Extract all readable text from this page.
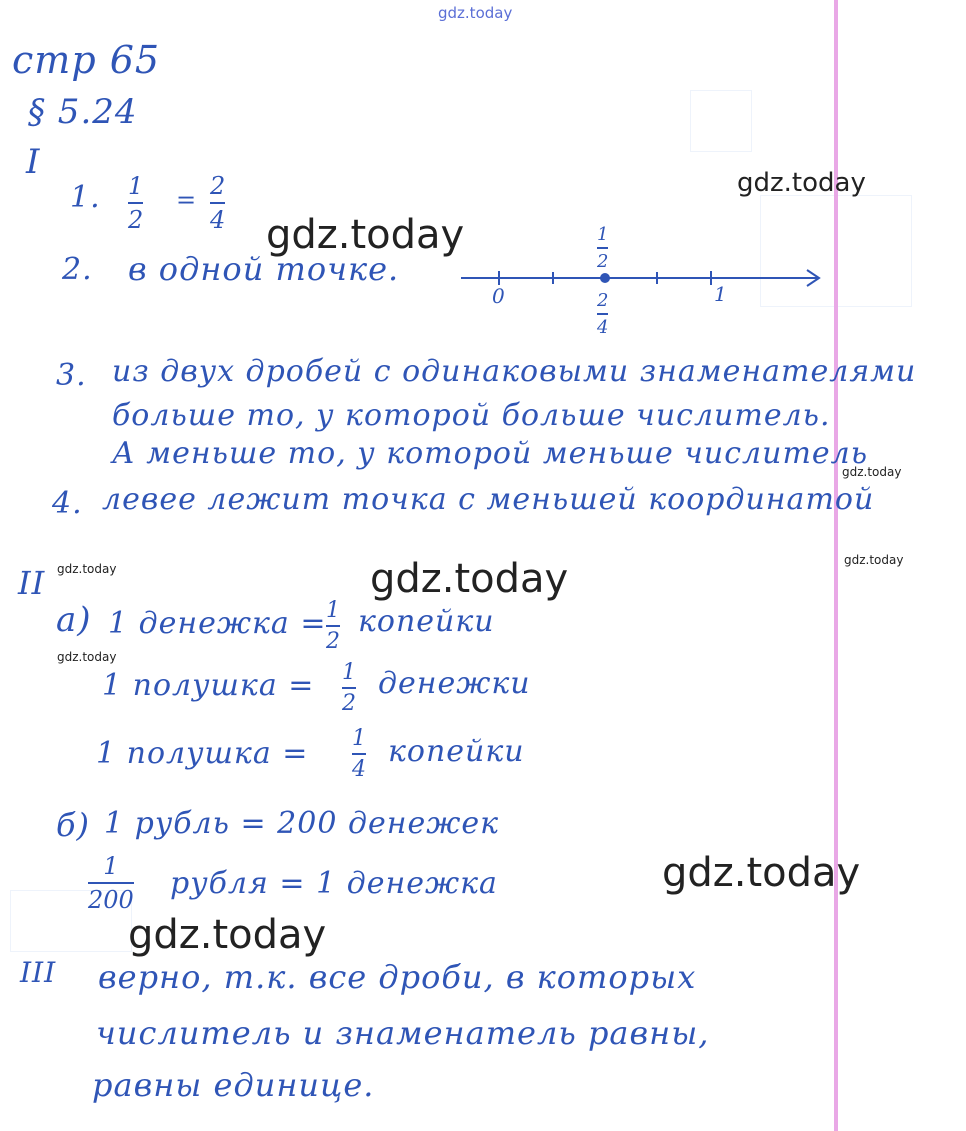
gdz.today
стр 65
§ 5.24
I
1. 1
2
= 2
4
gdz.today
gdz.today
2. в одной точке.
0	1
1
2
2
4
3. из двух дробей с одинаковыми знаменателями
больше то, у которой больше числитель.
А меньше то, у которой меньше числитель
gdz.today
4. левее лежит точка с меньшей координатой
II gdz.today
gdz.today
gdz.today
gdz.today
а) 1 денежка = 1
2
копейки
1 полушка = 1
2
денежки
1 полушка = 1
4
копейки
б) 1 рубль = 200 денежек
1
200 рубля = 1 денежка	gdz.today
gdz.today
III верно, т.к. все дроби, в которых
числитель и знаменатель равны,
равны единице.
